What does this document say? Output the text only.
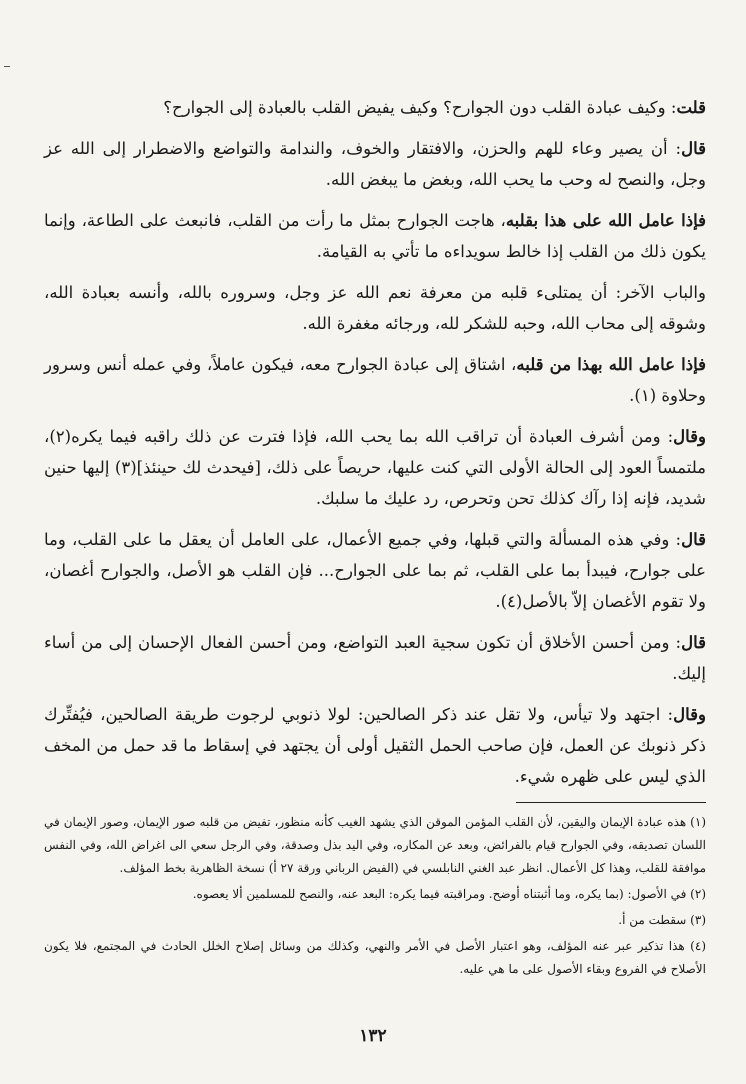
قلت: وكيف عبادة القلب دون الجوارح؟ وكيف يفيض القلب بالعبادة إلى الجوارح؟

قال: أن يصير وعاء للهم والحزن، والافتقار والخوف، والندامة والتواضع والاضطرار إلى الله عز وجل، والنصح له وحب ما يحب الله، وبغض ما يبغض الله.

فإذا عامل الله على هذا بقلبه، هاجت الجوارح بمثل ما رأت من القلب، فانبعث على الطاعة، وإنما يكون ذلك من القلب إذا خالط سويداءه ما تأتي به القيامة.

والباب الآخر: أن يمتلىء قلبه من معرفة نعم الله عز وجل، وسروره بالله، وأنسه بعبادة الله، وشوقه إلى محاب الله، وحبه للشكر لله، ورجائه مغفرة الله.

فإذا عامل الله بهذا من قلبه، اشتاق إلى عبادة الجوارح معه، فيكون عاملاً، وفي عمله أنس وسرور وحلاوة (١).

وقال: ومن أشرف العبادة أن تراقب الله بما يحب الله، فإذا فترت عن ذلك راقبه فيما يكره(٢)، ملتمساً العود إلى الحالة الأولى التي كنت عليها، حريصاً على ذلك، [فيحدث لك حينئذ](٣) إليها حنين شديد، فإنه إذا رآك كذلك تحن وتحرص، رد عليك ما سلبك.

قال: وفي هذه المسألة والتي قبلها، وفي جميع الأعمال، على العامل أن يعقل ما على القلب، وما على جوارح، فيبدأ بما على القلب، ثم بما على الجوارح... فإن القلب هو الأصل، والجوارح أغصان، ولا تقوم الأغصان إلاّ بالأصل(٤).

قال: ومن أحسن الأخلاق أن تكون سجية العبد التواضع، ومن أحسن الفعال الإحسان إلى من أساء إليك.

وقال: اجتهد ولا تيأس، ولا تقل عند ذكر الصالحين: لولا ذنوبي لرجوت طريقة الصالحين، فيُفتِّرك ذكر ذنوبك عن العمل، فإن صاحب الحمل الثقيل أولى أن يجتهد في إسقاط ما قد حمل من المخف الذي ليس على ظهره شيء.

(١) هذه عبادة الإيمان واليقين، لأن القلب المؤمن الموقن الذي يشهد الغيب كأنه منظور، تفيض من قلبه صور الإيمان، وصور الإيمان في اللسان تصديقه، وفي الجوارح قيام بالفرائض، وبعد عن المكاره، وفي اليد بذل وصدقة، وفي الرجل سعي الى اغراض الله، وفي النفس موافقة للقلب، وهذا كل الأعمال. انظر عبد الغني النابلسي في (الفيض الرباني ورقة ٢٧ أ) نسخة الظاهرية بخط المؤلف.

(٢) في الأصول: (بما يكره، وما أثبتناه أوضح. ومراقبته فيما يكره: البعد عنه، والنصح للمسلمين ألا يعصوه.

(٣) سقطت من أ.

(٤) هذا تذكير عبر عنه المؤلف، وهو اعتبار الأصل في الأمر والنهي، وكذلك من وسائل إصلاح الخلل الحادث في المجتمع، فلا يكون الأصلاح في الفروع وبقاء الأصول على ما هي عليه.

١٣٢
